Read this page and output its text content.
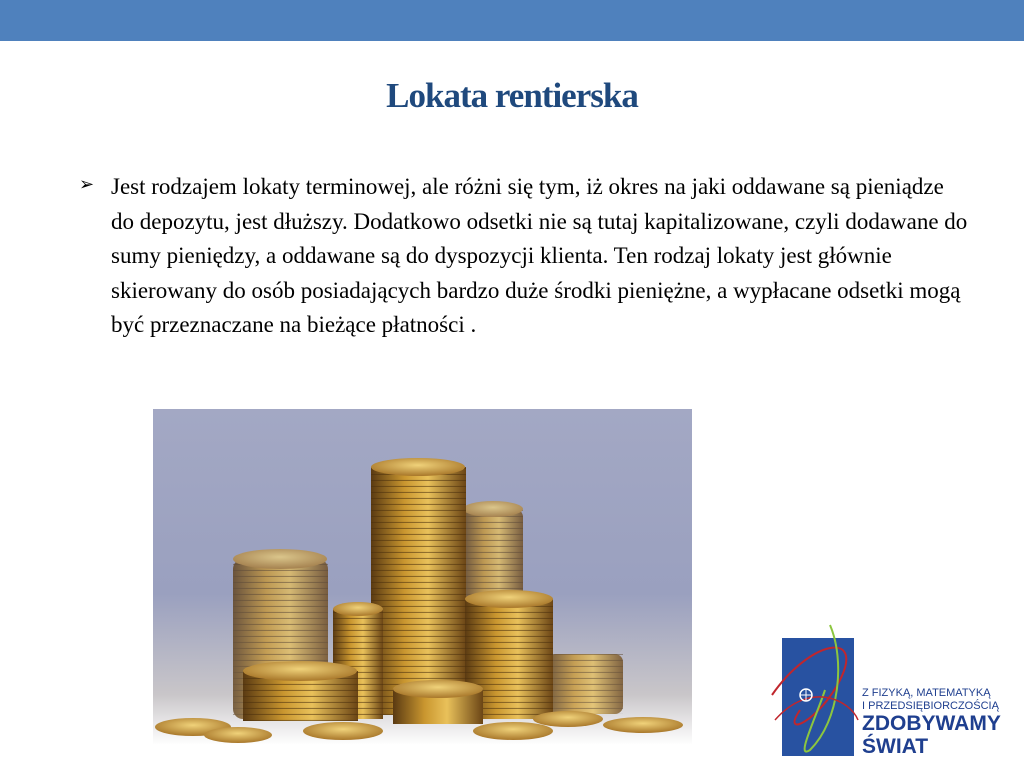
Lokata rentierska
➢ Jest rodzajem lokaty terminowej, ale różni się tym, iż okres na jaki oddawane są pieniądze do depozytu, jest dłuższy. Dodatkowo odsetki nie są tutaj kapitalizowane, czyli dodawane do sumy pieniędzy, a oddawane są do dyspozycji klienta. Ten rodzaj lokaty jest głównie skierowany do osób posiadających bardzo duże środki pieniężne, a wypłacane odsetki mogą być przeznaczane na bieżące płatności .
Z FIZYKĄ, MATEMATYKĄ
I PRZEDSIĘBIORCZOŚCIĄ
ZDOBYWAMY
ŚWIAT
